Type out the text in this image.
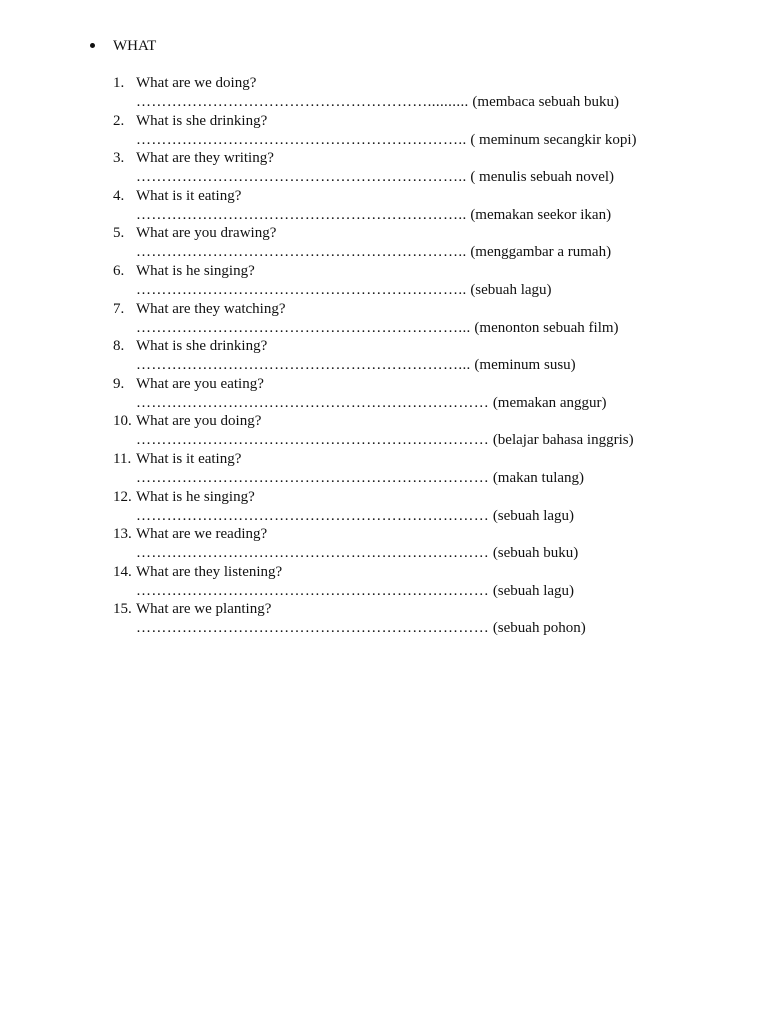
WHAT
1. What are we doing?
………………………………………………….......... (membaca sebuah buku)
2. What is she drinking?
……………………………………………………….. ( meminum secangkir kopi)
3. What are they writing?
……………………………………………………….. ( menulis sebuah novel)
4. What is it eating?
……………………………………………………….. (memakan seekor ikan)
5. What are you drawing?
……………………………………………………….. (menggambar a rumah)
6. What is he singing?
……………………………………………………….. (sebuah lagu)
7. What are they watching?
………………………………………………………... (menonton sebuah film)
8. What is she drinking?
………………………………………………………... (meminum susu)
9. What are you eating?
…………………………………………………………… (memakan anggur)
10. What are you doing?
…………………………………………………………… (belajar bahasa inggris)
11. What is it eating?
…………………………………………………………… (makan tulang)
12. What is he singing?
…………………………………………………………… (sebuah lagu)
13. What are we reading?
…………………………………………………………… (sebuah buku)
14. What are they listening?
…………………………………………………………… (sebuah lagu)
15. What are we planting?
…………………………………………………………… (sebuah pohon)
